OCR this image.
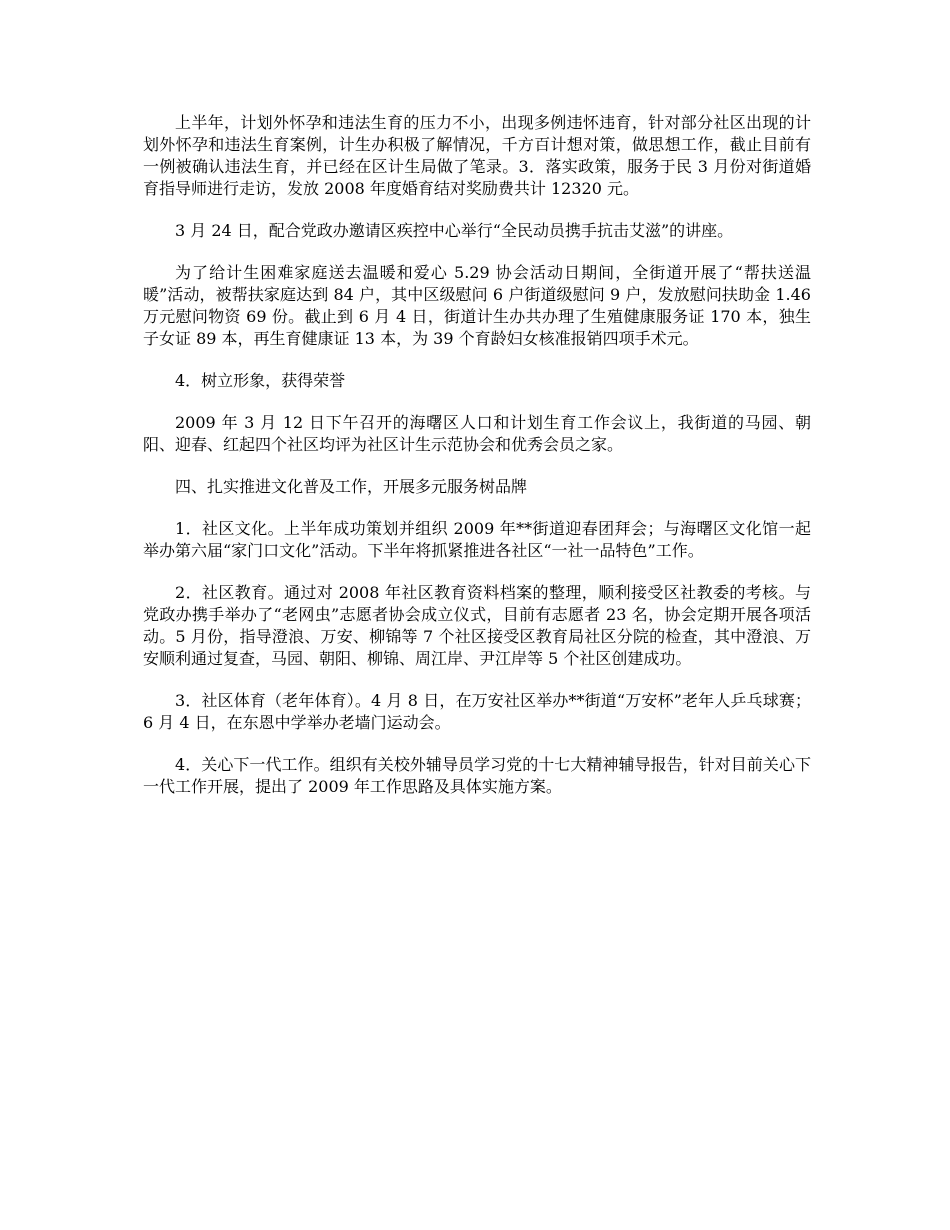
上半年，计划外怀孕和违法生育的压力不小，出现多例违怀违育，针对部分社区出现的计划外怀孕和违法生育案例，计生办积极了解情况，千方百计想对策，做思想工作，截止目前有一例被确认违法生育，并已经在区计生局做了笔录。3．落实政策，服务于民 3 月份对街道婚育指导师进行走访，发放 2008 年度婚育结对奖励费共计 12320 元。

3 月 24 日，配合党政办邀请区疾控中心举行“全民动员携手抗击艾滋”的讲座。

为了给计生困难家庭送去温暖和爱心 5.29 协会活动日期间，全街道开展了“帮扶送温暖”活动，被帮扶家庭达到 84 户，其中区级慰问 6 户街道级慰问 9 户，发放慰问扶助金 1.46 万元慰问物资 69 份。截止到 6 月 4 日，街道计生办共办理了生殖健康服务证 170 本，独生子女证 89 本，再生育健康证 13 本，为 39 个育龄妇女核准报销四项手术元。

4．树立形象，获得荣誉

2009 年 3 月 12 日下午召开的海曙区人口和计划生育工作会议上，我街道的马园、朝阳、迎春、红起四个社区均评为社区计生示范协会和优秀会员之家。

四、扎实推进文化普及工作，开展多元服务树品牌

1．社区文化。上半年成功策划并组织 2009 年**街道迎春团拜会；与海曙区文化馆一起举办第六届“家门口文化”活动。下半年将抓紧推进各社区“一社一品特色”工作。

2．社区教育。通过对 2008 年社区教育资料档案的整理，顺利接受区社教委的考核。与党政办携手举办了“老网虫”志愿者协会成立仪式，目前有志愿者 23 名，协会定期开展各项活动。5 月份，指导澄浪、万安、柳锦等 7 个社区接受区教育局社区分院的检查，其中澄浪、万安顺利通过复查，马园、朝阳、柳锦、周江岸、尹江岸等 5 个社区创建成功。

3．社区体育（老年体育）。4 月 8 日，在万安社区举办**街道“万安杯”老年人乒乓球赛；6 月 4 日，在东恩中学举办老墙门运动会。

4．关心下一代工作。组织有关校外辅导员学习党的十七大精神辅导报告，针对目前关心下一代工作开展，提出了 2009 年工作思路及具体实施方案。
